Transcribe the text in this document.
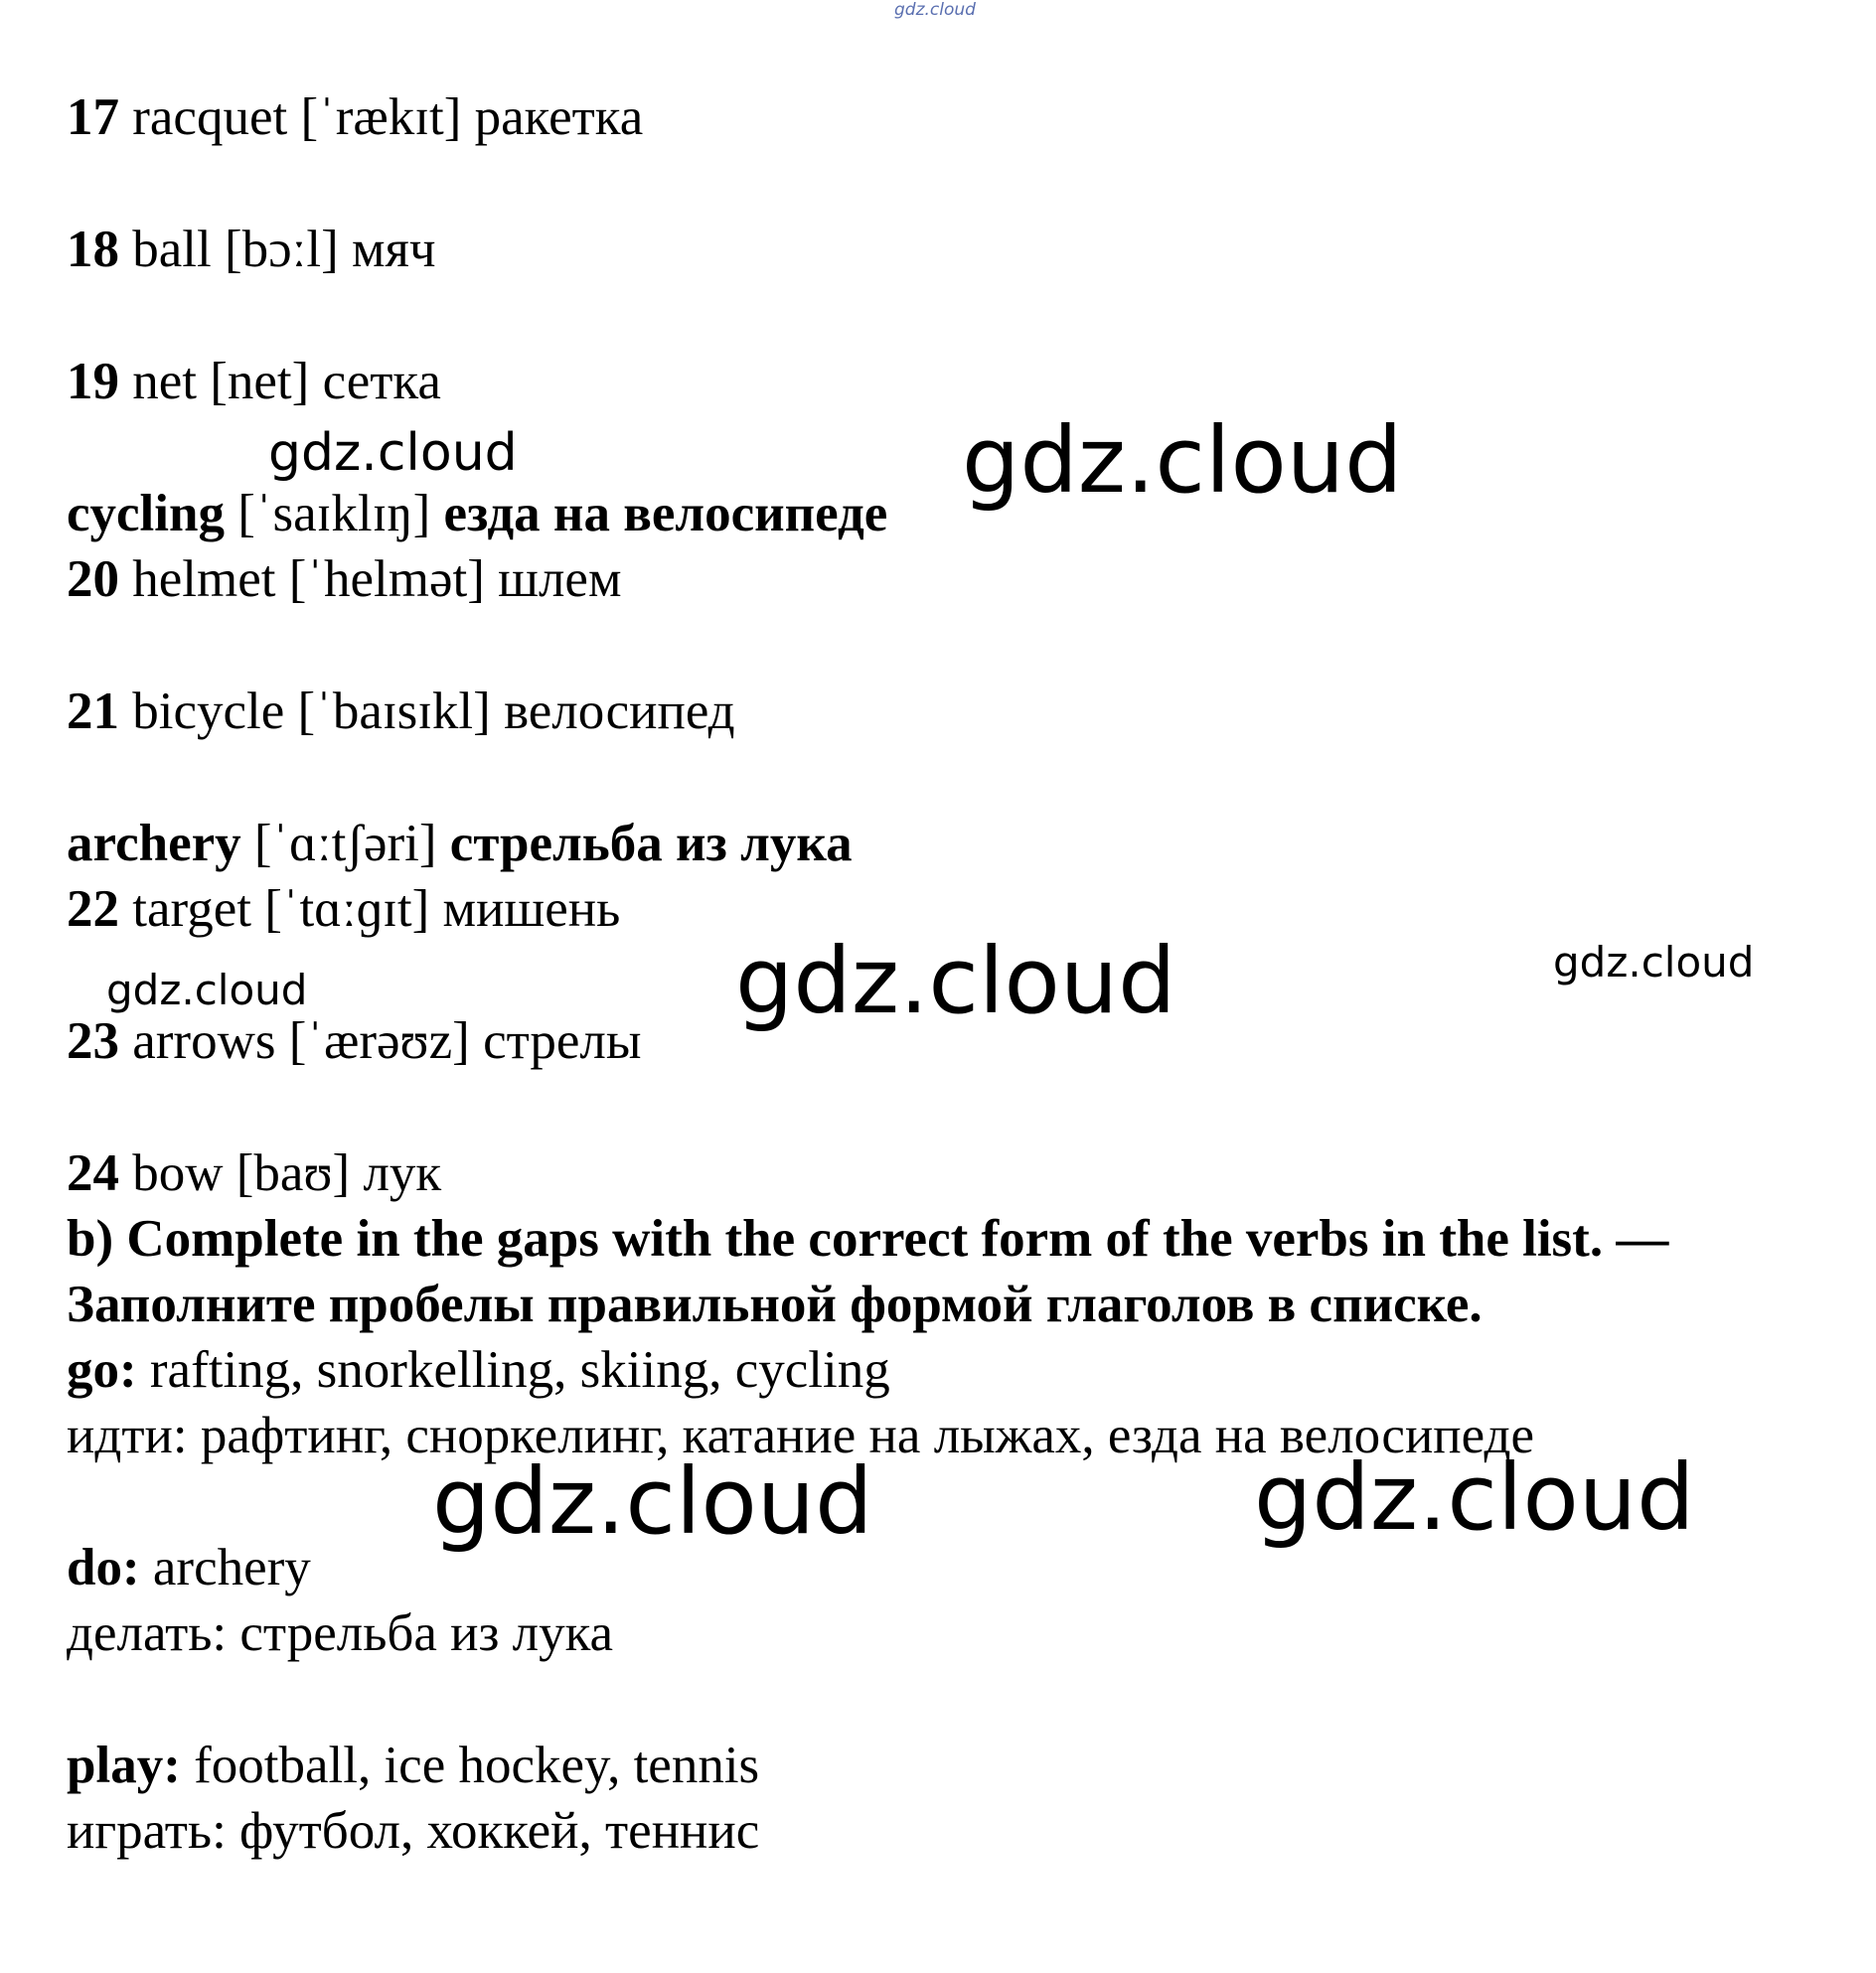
gdz.cloud
gdz.cloud	gdz.cloud
gdz.cloud	gdz.cloud	gdz.cloud
gdz.cloud	gdz.cloud
17 racquet [ˈrækɪt] ракетка
18 ball [bɔːl] мяч
19 net [net] сетка
cycling [ˈsaɪklɪŋ] езда на велосипеде
20 helmet [ˈhelmət] шлем
21 bicycle [ˈbaɪsɪkl] велосипед
archery [ˈɑːtʃəri] стрельба из лука
22 target [ˈtɑːɡɪt] мишень
23 arrows [ˈærəʊz] стрелы
24 bow [baʊ] лук
b) Complete in the gaps with the correct form of the verbs in the list. —
Заполните пробелы правильной формой глаголов в списке.
go: rafting, snorkelling, skiing, cycling
идти: рафтинг, сноркелинг, катание на лыжах, езда на велосипеде
do: archery
делать: стрельба из лука
play: football, ice hockey, tennis
играть: футбол, хоккей, теннис
